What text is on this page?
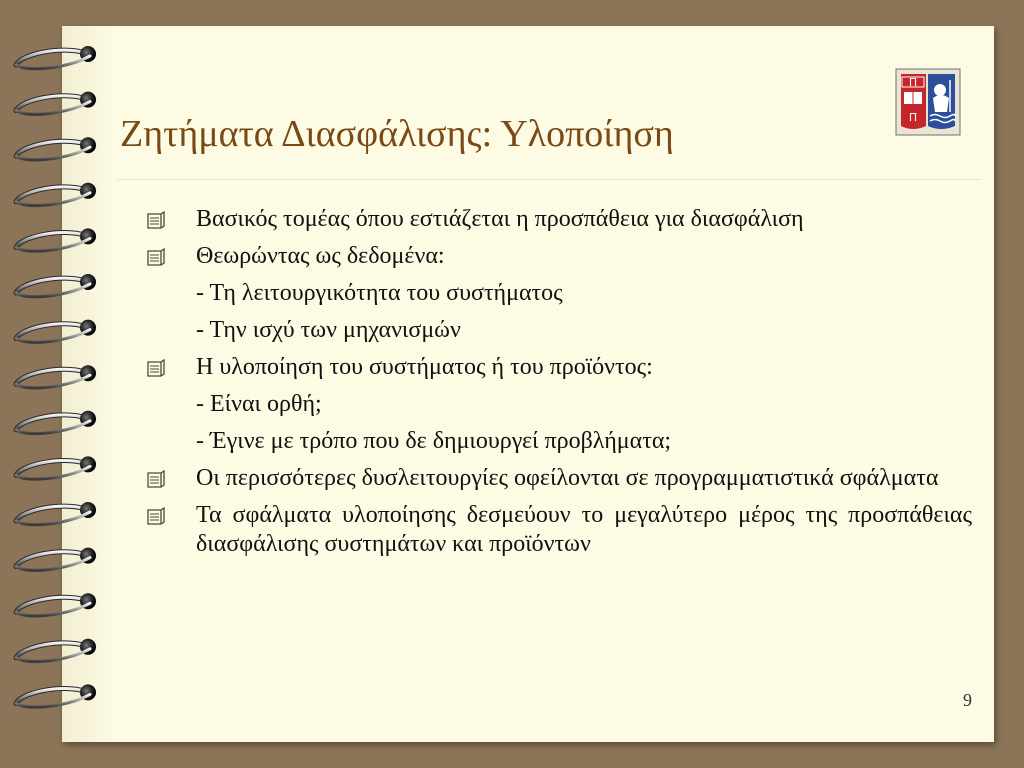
Ζητήματα Διασφάλισης: Υλοποίηση
Π
Π
Βασικός τομέας όπου εστιάζεται η προσπάθεια για διασφάλιση
Θεωρώντας ως δεδομένα:
- Τη λειτουργικότητα του συστήματος
- Την ισχύ των μηχανισμών
Η υλοποίηση του συστήματος ή του προϊόντος:
- Είναι ορθή;
- Έγινε με τρόπο που δε δημιουργεί προβλήματα;
Οι περισσότερες δυσλειτουργίες οφείλονται σε προγραμματιστικά σφάλματα
Τα σφάλματα υλοποίησης δεσμεύουν το μεγαλύτερο μέρος της προσπάθειας διασφάλισης συστημάτων και προϊόντων
9
